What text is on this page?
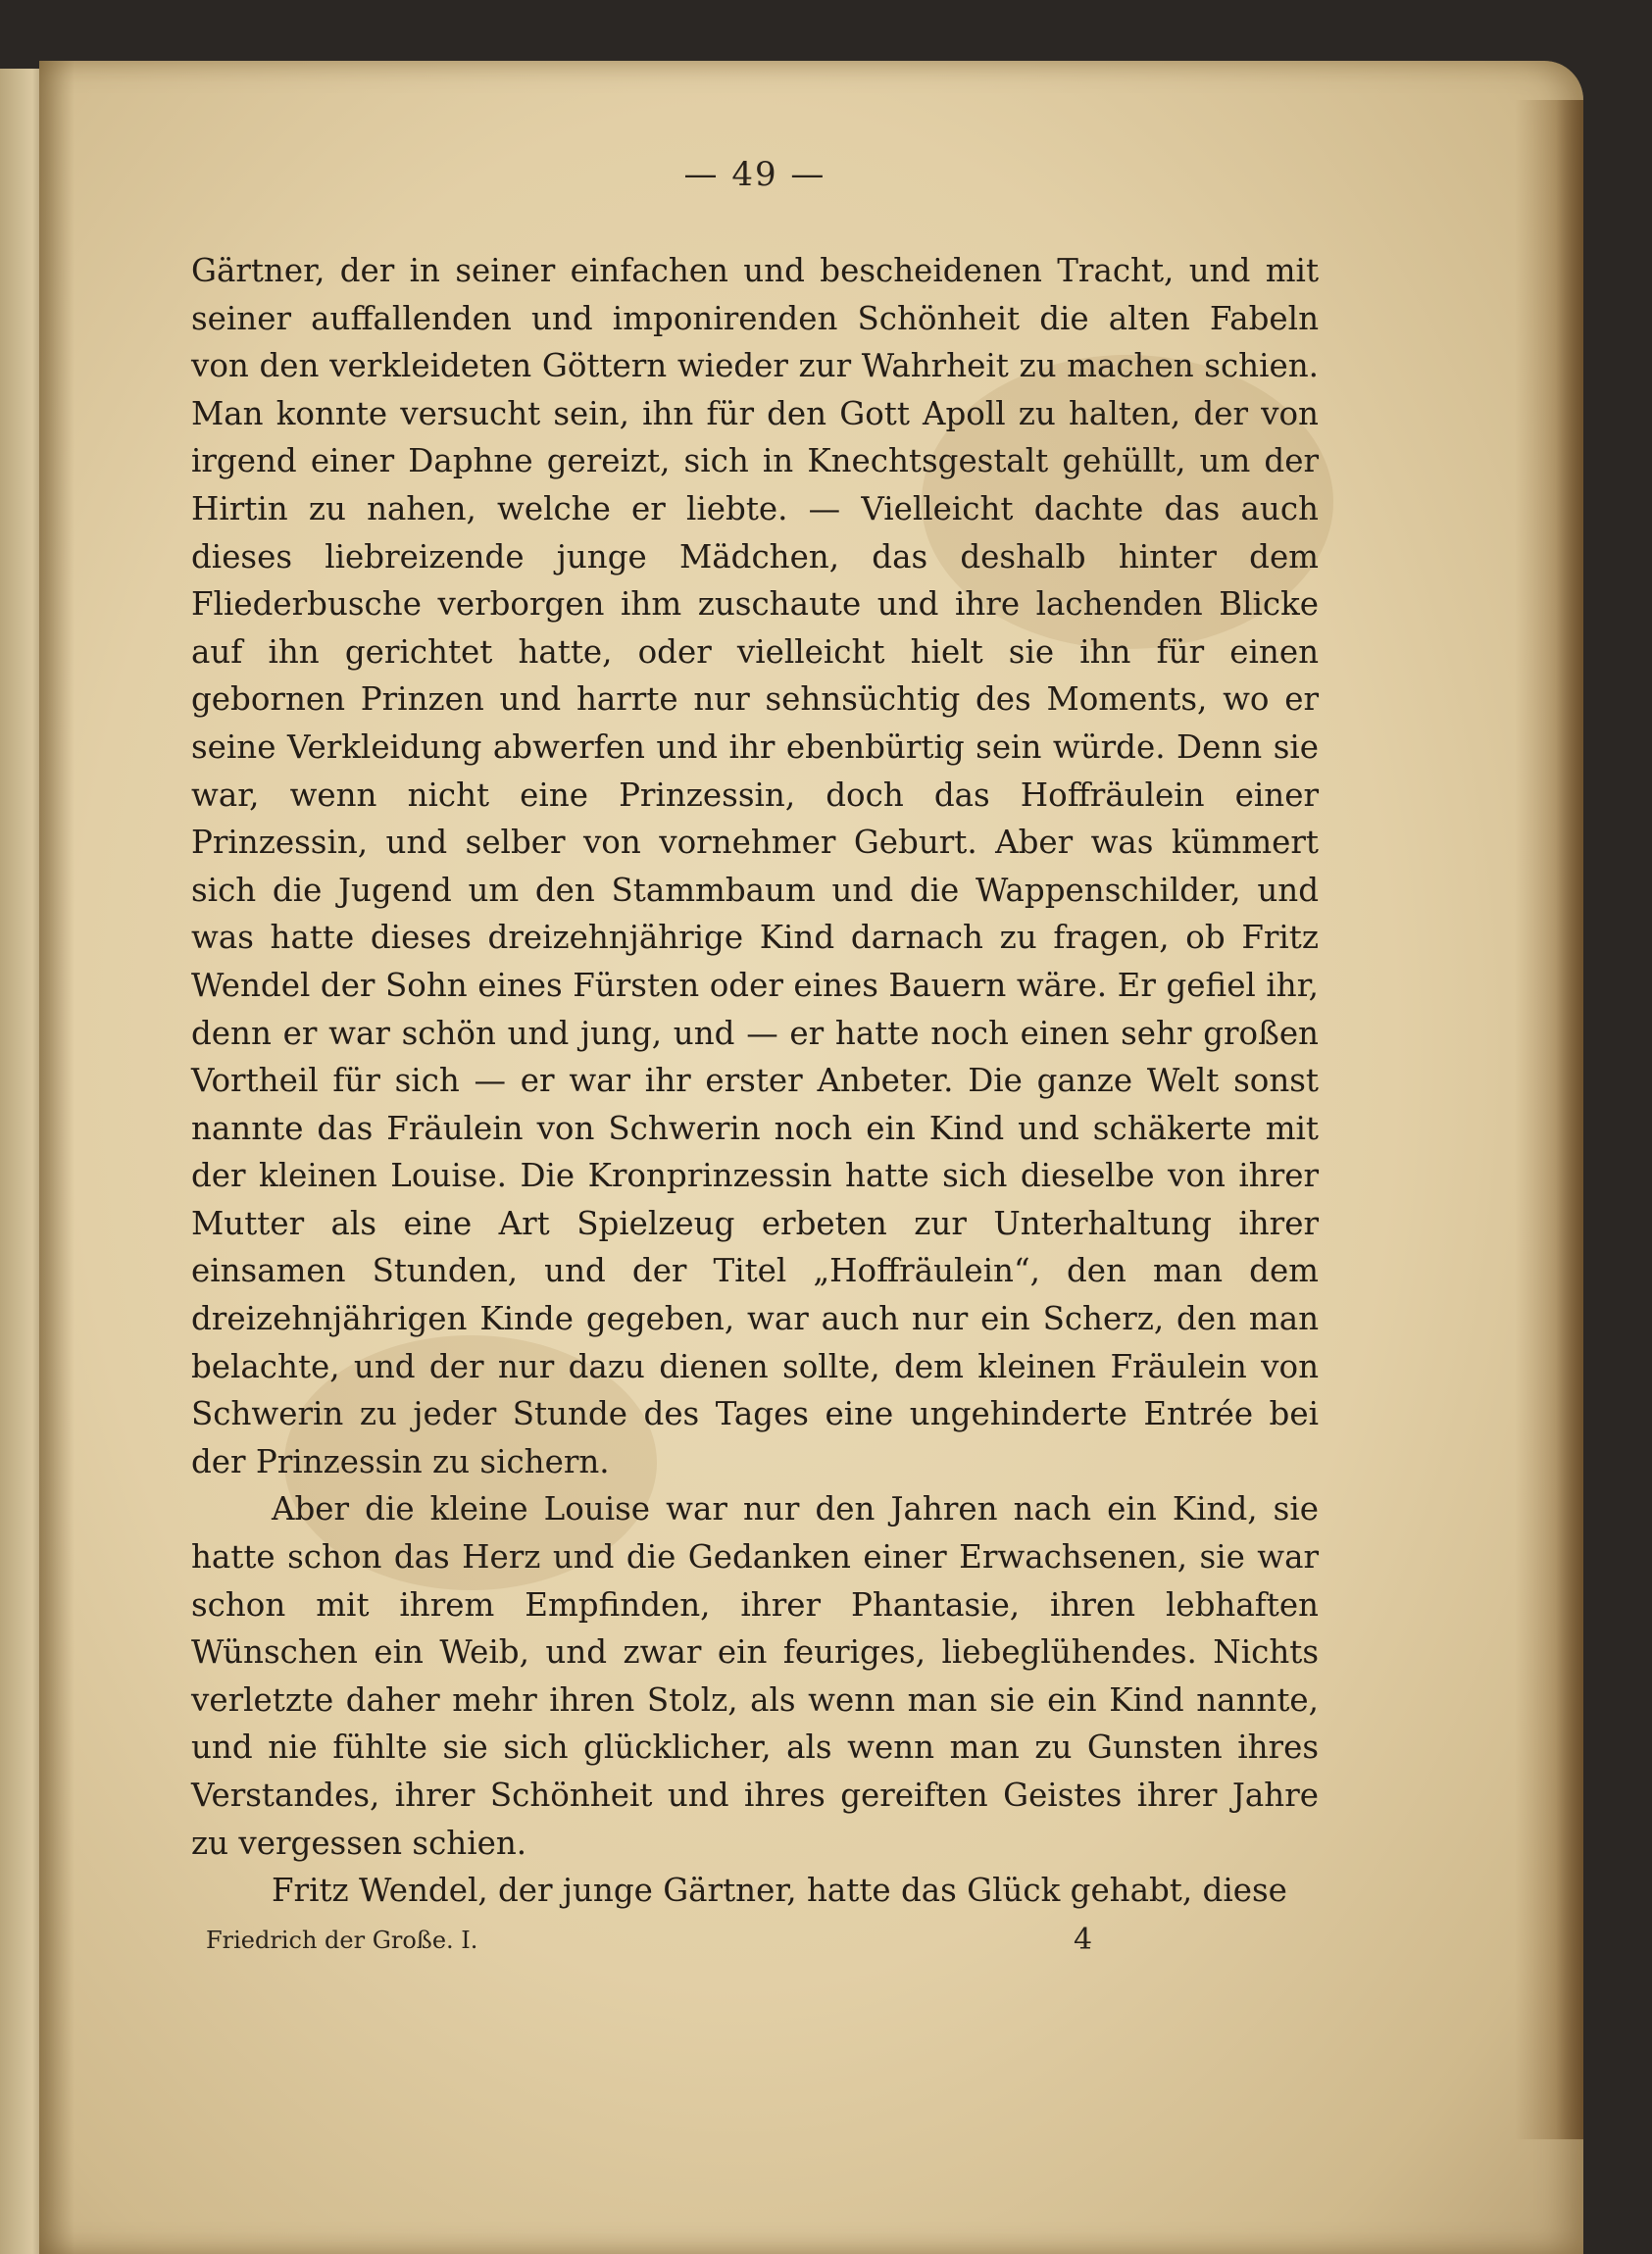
— 49 —

Gärtner, der in seiner einfachen und bescheidenen Tracht, und mit seiner auffallenden und imponirenden Schönheit die alten Fabeln von den verkleideten Göttern wieder zur Wahrheit zu machen schien. Man konnte versucht sein, ihn für den Gott Apoll zu halten, der von irgend einer Daphne gereizt, sich in Knechtsgestalt gehüllt, um der Hirtin zu nahen, welche er liebte. — Vielleicht dachte das auch dieses liebreizende junge Mädchen, das deshalb hinter dem Fliederbusche verborgen ihm zuschaute und ihre lachenden Blicke auf ihn gerichtet hatte, oder vielleicht hielt sie ihn für einen gebornen Prinzen und harrte nur sehnsüchtig des Moments, wo er seine Verkleidung abwerfen und ihr ebenbürtig sein würde. Denn sie war, wenn nicht eine Prinzessin, doch das Hoffräulein einer Prinzessin, und selber von vornehmer Geburt. Aber was kümmert sich die Jugend um den Stammbaum und die Wappenschilder, und was hatte dieses dreizehnjährige Kind darnach zu fragen, ob Fritz Wendel der Sohn eines Fürsten oder eines Bauern wäre. Er gefiel ihr, denn er war schön und jung, und — er hatte noch einen sehr großen Vortheil für sich — er war ihr erster Anbeter. Die ganze Welt sonst nannte das Fräulein von Schwerin noch ein Kind und schäkerte mit der kleinen Louise. Die Kronprinzessin hatte sich dieselbe von ihrer Mutter als eine Art Spielzeug erbeten zur Unterhaltung ihrer einsamen Stunden, und der Titel „Hoffräulein“, den man dem dreizehnjährigen Kinde gegeben, war auch nur ein Scherz, den man belachte, und der nur dazu dienen sollte, dem kleinen Fräulein von Schwerin zu jeder Stunde des Tages eine ungehinderte Entrée bei der Prinzessin zu sichern.

Aber die kleine Louise war nur den Jahren nach ein Kind, sie hatte schon das Herz und die Gedanken einer Erwachsenen, sie war schon mit ihrem Empfinden, ihrer Phantasie, ihren lebhaften Wünschen ein Weib, und zwar ein feuriges, liebeglühendes. Nichts verletzte daher mehr ihren Stolz, als wenn man sie ein Kind nannte, und nie fühlte sie sich glücklicher, als wenn man zu Gunsten ihres Verstandes, ihrer Schönheit und ihres gereiften Geistes ihrer Jahre zu vergessen schien.

Fritz Wendel, der junge Gärtner, hatte das Glück gehabt, diese

Friedrich der Große. I.	4
